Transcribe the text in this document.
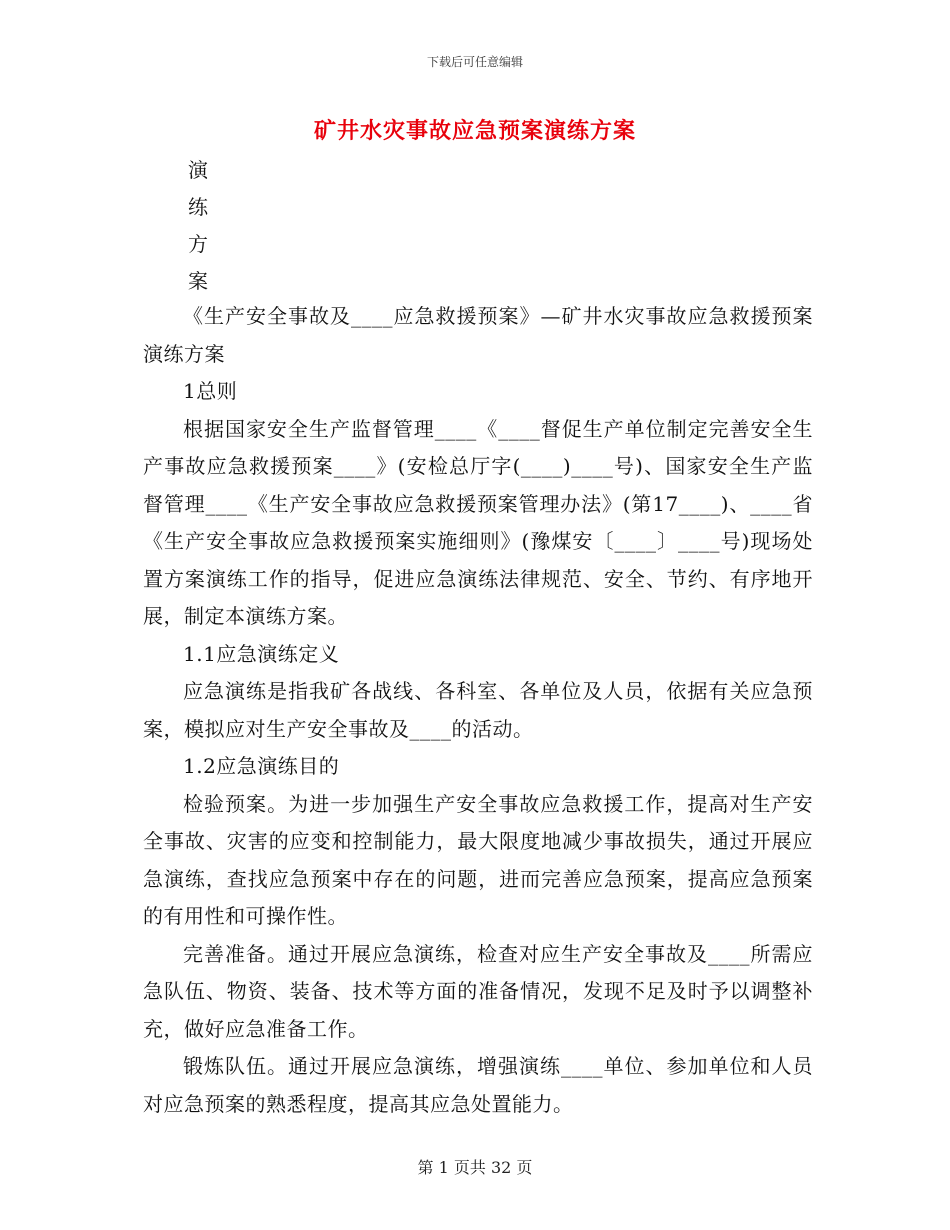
下载后可任意编辑
矿井水灾事故应急预案演练方案
演
练
方
案

《生产安全事故及____应急救援预案》—矿井水灾事故应急救援预案演练方案

1总则

根据国家安全生产监督管理____《____督促生产单位制定完善安全生产事故应急救援预案____》(安检总厅字(____)____号)、国家安全生产监督管理____《生产安全事故应急救援预案管理办法》(第17____)、____省《生产安全事故应急救援预案实施细则》(豫煤安〔____〕____号)现场处置方案演练工作的指导，促进应急演练法律规范、安全、节约、有序地开展，制定本演练方案。

1.1应急演练定义

应急演练是指我矿各战线、各科室、各单位及人员，依据有关应急预案，模拟应对生产安全事故及____的活动。

1.2应急演练目的

检验预案。为进一步加强生产安全事故应急救援工作，提高对生产安全事故、灾害的应变和控制能力，最大限度地减少事故损失，通过开展应急演练，查找应急预案中存在的问题，进而完善应急预案，提高应急预案的有用性和可操作性。

完善准备。通过开展应急演练，检查对应生产安全事故及____所需应急队伍、物资、装备、技术等方面的准备情况，发现不足及时予以调整补充，做好应急准备工作。

锻炼队伍。通过开展应急演练，增强演练____单位、参加单位和人员对应急预案的熟悉程度，提高其应急处置能力。

第 1 页共 32 页
